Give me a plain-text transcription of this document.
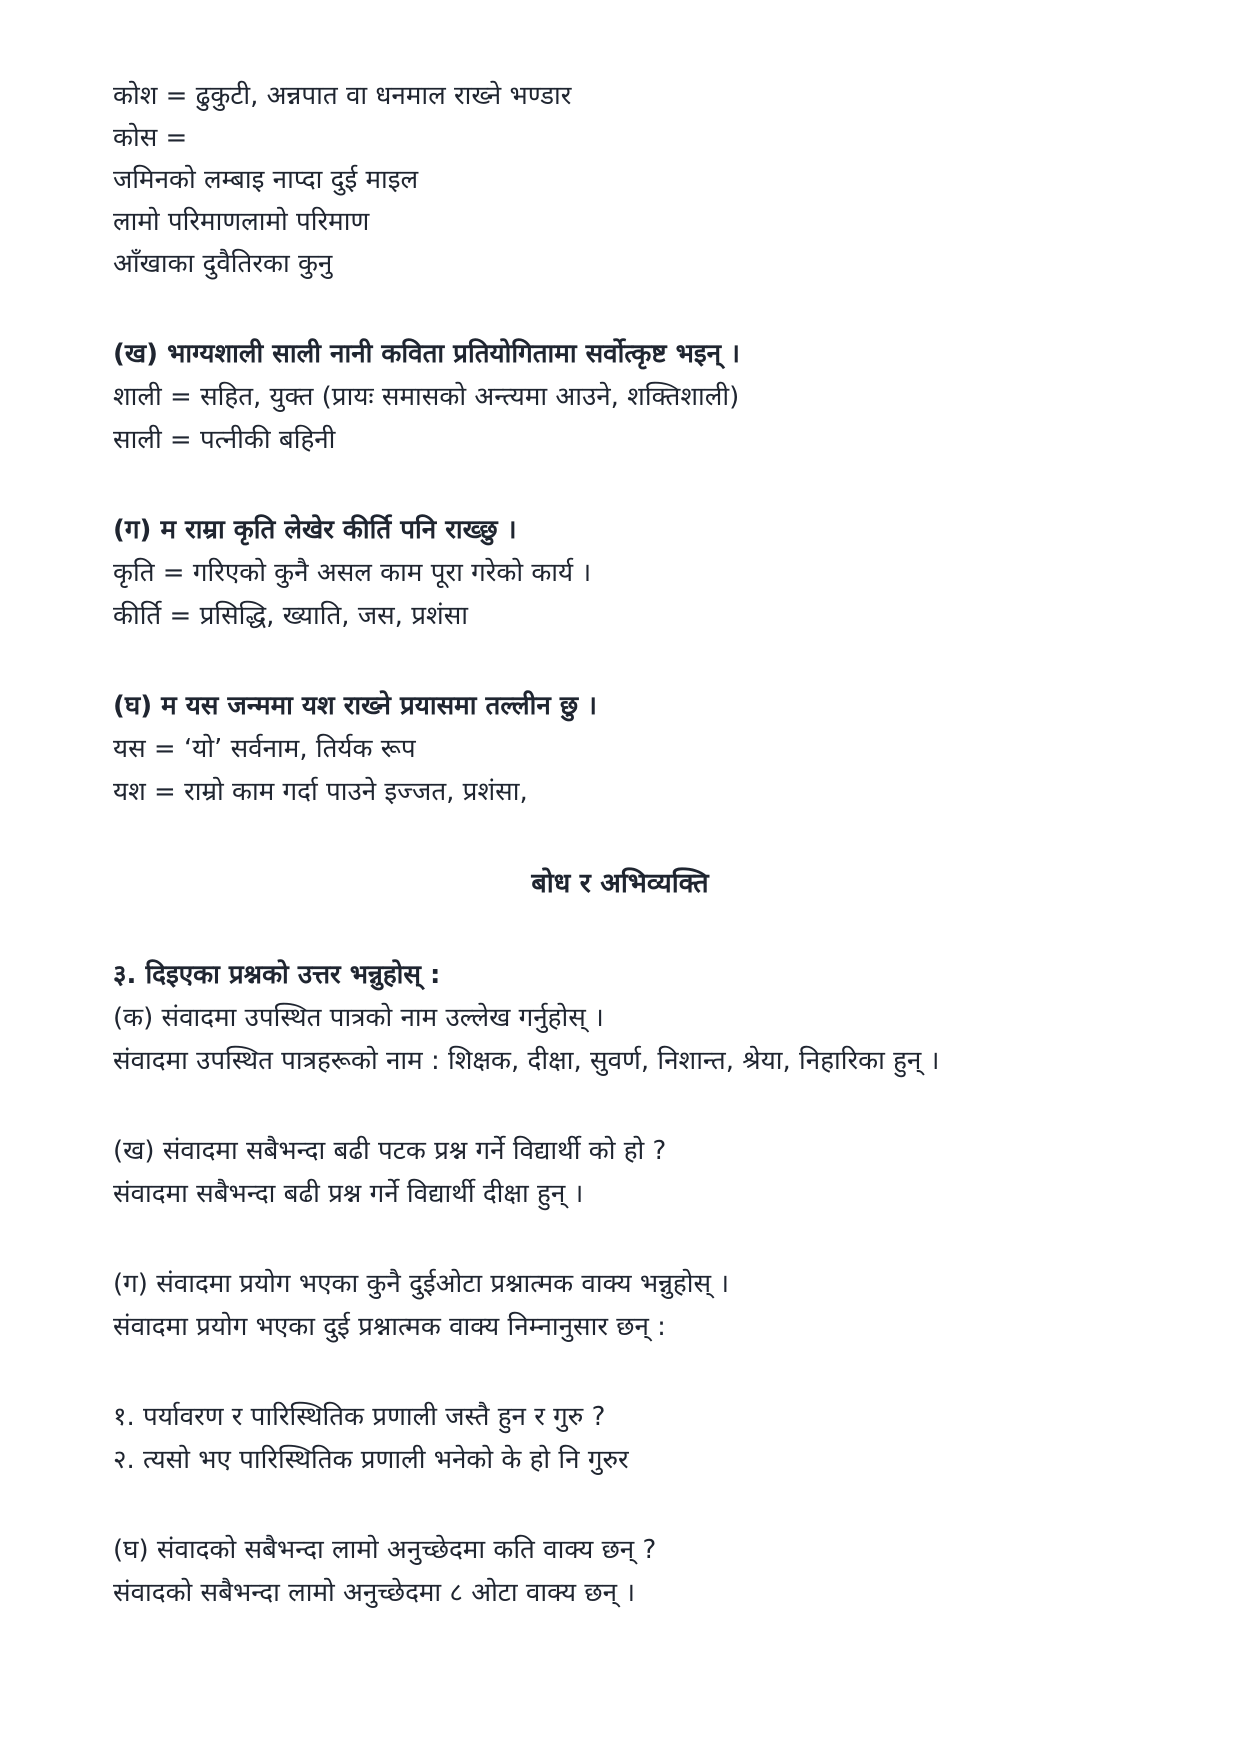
कोश = ढुकुटी, अन्नपात वा धनमाल राख्ने भण्डार
कोस =
जमिनको लम्बाइ नाप्दा दुई माइल
लामो परिमाणलामो परिमाण
आँखाका दुवैतिरका कुनु
(ख) भाग्यशाली साली नानी कविता प्रतियोगितामा सर्वोत्कृष्ट भइन् ।
शाली = सहित, युक्त (प्रायः समासको अन्त्यमा आउने, शक्तिशाली)
साली = पत्नीकी बहिनी
(ग) म राम्रा कृति लेखेर कीर्ति पनि राख्छु ।
कृति = गरिएको कुनै असल काम पूरा गरेको कार्य ।
कीर्ति = प्रसिद्धि, ख्याति, जस, प्रशंसा
(घ) म यस जन्ममा यश राख्ने प्रयासमा तल्लीन छु ।
यस = ‘यो’ सर्वनाम, तिर्यक रूप
यश = राम्रो काम गर्दा पाउने इज्जत, प्रशंसा,
बोध र अभिव्यक्ति
३. दिइएका प्रश्नको उत्तर भन्नुहोस् :
(क) संवादमा उपस्थित पात्रको नाम उल्लेख गर्नुहोस् ।
संवादमा उपस्थित पात्रहरूको नाम : शिक्षक, दीक्षा, सुवर्ण, निशान्त, श्रेया, निहारिका हुन् ।
(ख) संवादमा सबैभन्दा बढी पटक प्रश्न गर्ने विद्यार्थी को हो ?
संवादमा सबैभन्दा बढी प्रश्न गर्ने विद्यार्थी दीक्षा हुन् ।
(ग) संवादमा प्रयोग भएका कुनै दुईओटा प्रश्नात्मक वाक्य भन्नुहोस् ।
संवादमा प्रयोग भएका दुई प्रश्नात्मक वाक्य निम्नानुसार छन् :
१. पर्यावरण र पारिस्थितिक प्रणाली जस्तै हुन र गुरु ?
२. त्यसो भए पारिस्थितिक प्रणाली भनेको के हो नि गुरुर
(घ) संवादको सबैभन्दा लामो अनुच्छेदमा कति वाक्य छन् ?
संवादको सबैभन्दा लामो अनुच्छेदमा ८ ओटा वाक्य छन् ।
